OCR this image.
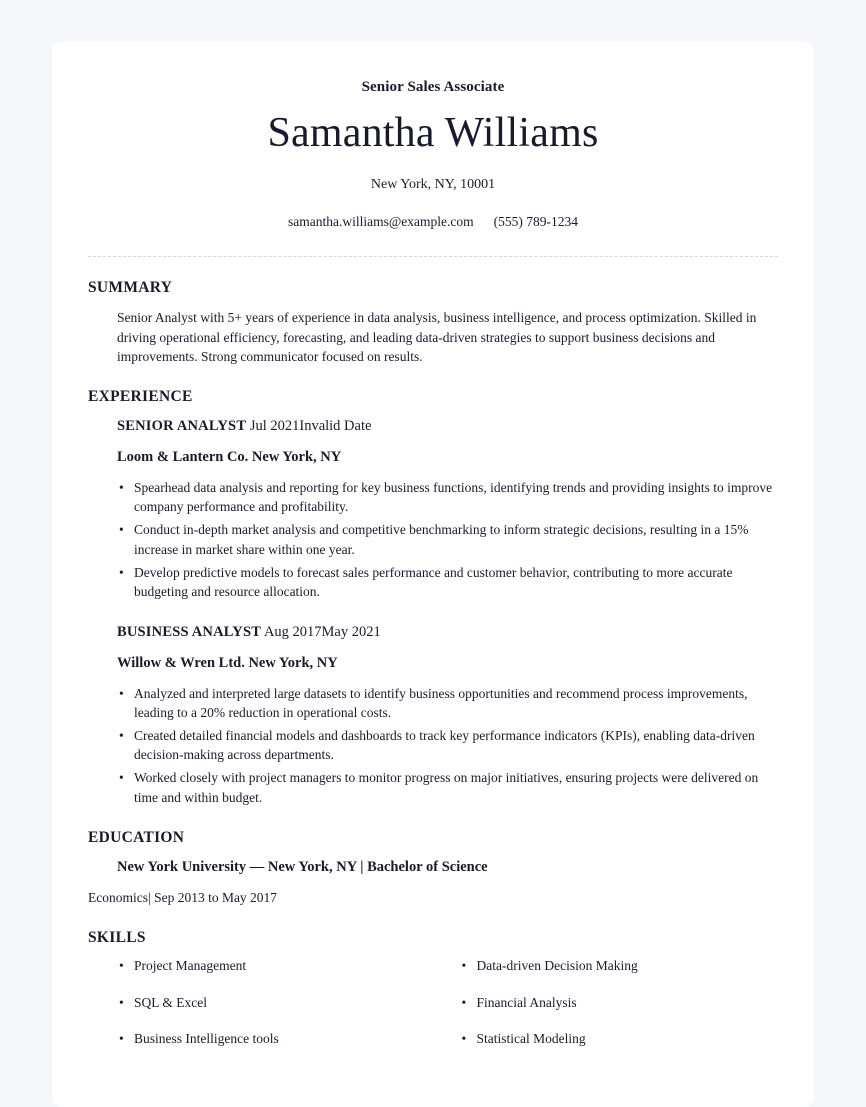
Senior Sales Associate
Samantha Williams
New York, NY, 10001
samantha.williams@example.com (555) 789-1234
SUMMARY

Senior Analyst with 5+ years of experience in data analysis, business intelligence, and process optimization. Skilled in driving operational efficiency, forecasting, and leading data-driven strategies to support business decisions and improvements. Strong communicator focused on results.

EXPERIENCE
SENIOR ANALYST Jul 2021Invalid Date
Loom & Lantern Co. New York, NY
• Spearhead data analysis and reporting for key business functions, identifying trends and providing insights to improve company performance and profitability.
• Conduct in-depth market analysis and competitive benchmarking to inform strategic decisions, resulting in a 15% increase in market share within one year.
• Develop predictive models to forecast sales performance and customer behavior, contributing to more accurate budgeting and resource allocation.
BUSINESS ANALYST Aug 2017May 2021
Willow & Wren Ltd. New York, NY
• Analyzed and interpreted large datasets to identify business opportunities and recommend process improvements, leading to a 20% reduction in operational costs.
• Created detailed financial models and dashboards to track key performance indicators (KPIs), enabling data-driven decision-making across departments.
• Worked closely with project managers to monitor progress on major initiatives, ensuring projects were delivered on time and within budget.
EDUCATION
New York University — New York, NY | Bachelor of Science
Economics| Sep 2013 to May 2017
SKILLS
• Project Management	• Data-driven Decision Making
• SQL & Excel	• Financial Analysis
• Business Intelligence tools	• Statistical Modeling
